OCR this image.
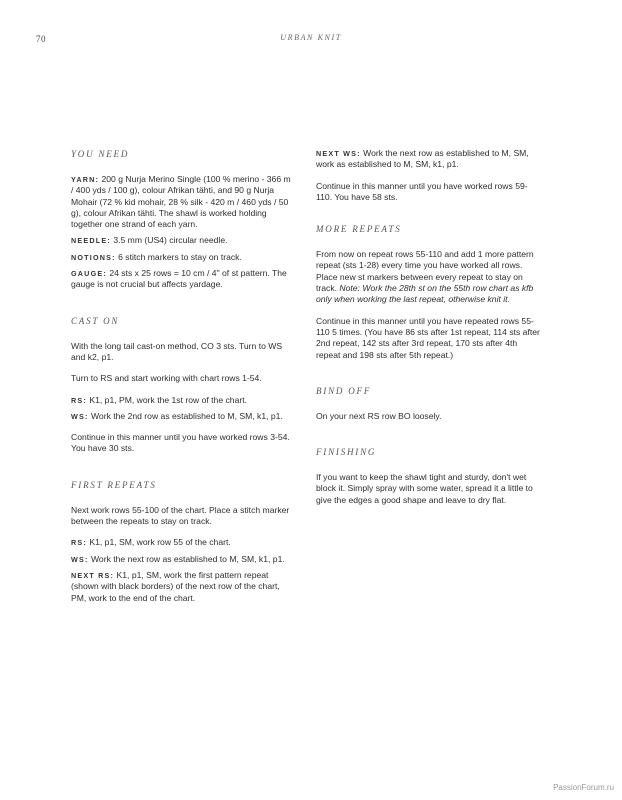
70	URBAN KNIT
YOU NEED

YARN: 200 g Nurja Merino Single (100 % merino - 366 m / 400 yds / 100 g), colour Afrikan tähti, and 90 g Nurja Mohair (72 % kid mohair, 28 % silk - 420 m / 460 yds / 50 g), colour Afrikan tähti. The shawl is worked holding together one strand of each yarn.

NEEDLE: 3.5 mm (US4) circular needle.

NOTIONS: 6 stitch markers to stay on track.

GAUGE: 24 sts x 25 rows = 10 cm / 4" of st pattern. The gauge is not crucial but affects yardage.

CAST ON

With the long tail cast-on method, CO 3 sts. Turn to WS and k2, p1.

Turn to RS and start working with chart rows 1-54.

RS: K1, p1, PM, work the 1st row of the chart.

WS: Work the 2nd row as established to M, SM, k1, p1.

Continue in this manner until you have worked rows 3-54. You have 30 sts.

FIRST REPEATS

Next work rows 55-100 of the chart. Place a stitch marker between the repeats to stay on track.

RS: K1, p1, SM, work row 55 of the chart.

WS: Work the next row as established to M, SM, k1, p1.

NEXT RS: K1, p1, SM, work the first pattern repeat (shown with black borders) of the next row of the chart, PM, work to the end of the chart.

NEXT WS: Work the next row as established to M, SM, work as established to M, SM, k1, p1.

Continue in this manner until you have worked rows 59-110. You have 58 sts.

MORE REPEATS

From now on repeat rows 55-110 and add 1 more pattern repeat (sts 1-28) every time you have worked all rows. Place new st markers between every repeat to stay on track. Note: Work the 28th st on the 55th row chart as kfb only when working the last repeat, otherwise knit it.

Continue in this manner until you have repeated rows 55-110 5 times. (You have 86 sts after 1st repeat, 114 sts after 2nd repeat, 142 sts after 3rd repeat, 170 sts after 4th repeat and 198 sts after 5th repeat.)

BIND OFF

On your next RS row BO loosely.

FINISHING

If you want to keep the shawl tight and sturdy, don't wet block it. Simply spray with some water, spread it a little to give the edges a good shape and leave to dry flat.

PassionForum.ru
